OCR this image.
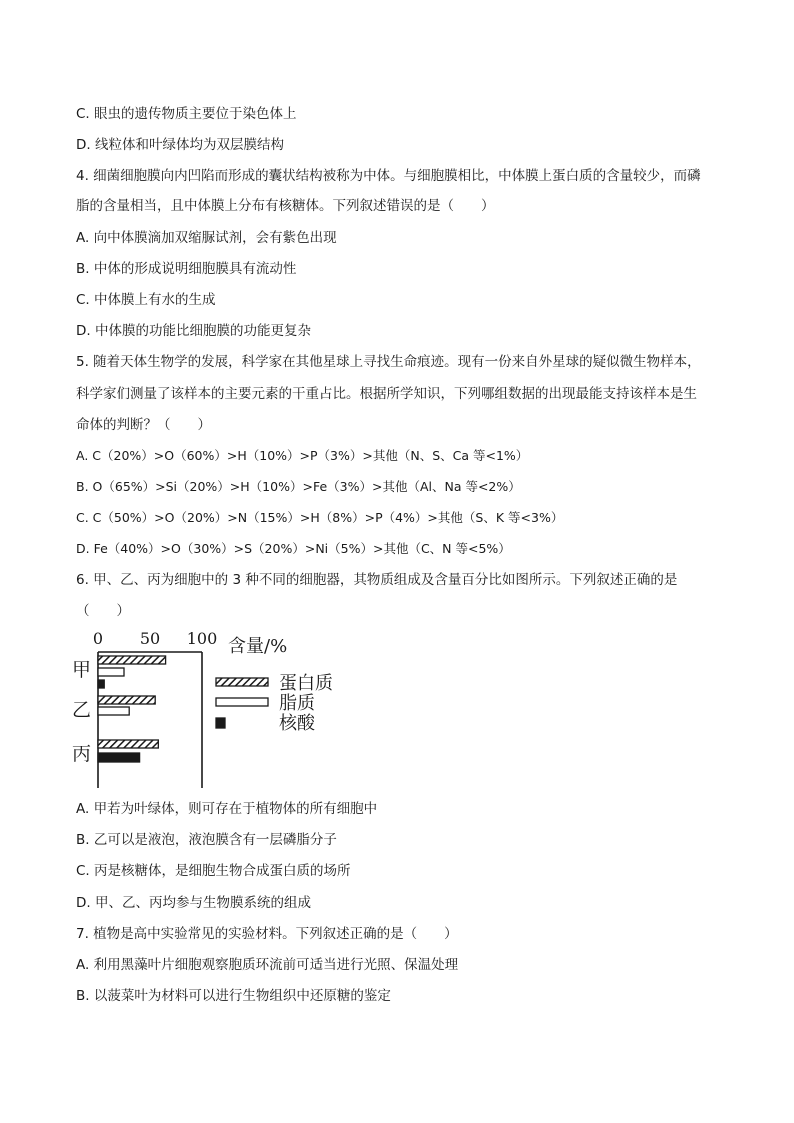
C. 眼虫的遗传物质主要位于染色体上
D. 线粒体和叶绿体均为双层膜结构
4. 细菌细胞膜向内凹陷而形成的囊状结构被称为中体。与细胞膜相比，中体膜上蛋白质的含量较少，而磷
脂的含量相当，且中体膜上分布有核糖体。下列叙述错误的是（　　）
A. 向中体膜滴加双缩脲试剂，会有紫色出现
B. 中体的形成说明细胞膜具有流动性
C. 中体膜上有水的生成
D. 中体膜的功能比细胞膜的功能更复杂
5. 随着天体生物学的发展，科学家在其他星球上寻找生命痕迹。现有一份来自外星球的疑似微生物样本，
科学家们测量了该样本的主要元素的干重占比。根据所学知识，下列哪组数据的出现最能支持该样本是生
命体的判断？（　　）
A. C（20%）>O（60%）>H（10%）>P（3%）>其他（N、S、Ca 等<1%）
B. O（65%）>Si（20%）>H（10%）>Fe（3%）>其他（Al、Na 等<2%）
C. C（50%）>O（20%）>N（15%）>H（8%）>P（4%）>其他（S、K 等<3%）
D. Fe（40%）>O（30%）>S（20%）>Ni（5%）>其他（C、N 等<5%）
6. 甲、乙、丙为细胞中的 3 种不同的细胞器，其物质组成及含量百分比如图所示。下列叙述正确的是
（　　）
0 50 100
甲
乙
丙
蛋白质
脂质
核酸
含量/%
A. 甲若为叶绿体，则可存在于植物体的所有细胞中
B. 乙可以是液泡，液泡膜含有一层磷脂分子
C. 丙是核糖体，是细胞生物合成蛋白质的场所
D. 甲、乙、丙均参与生物膜系统的组成
7. 植物是高中实验常见的实验材料。下列叙述正确的是（　　）
A. 利用黑藻叶片细胞观察胞质环流前可适当进行光照、保温处理
B. 以菠菜叶为材料可以进行生物组织中还原糖的鉴定
